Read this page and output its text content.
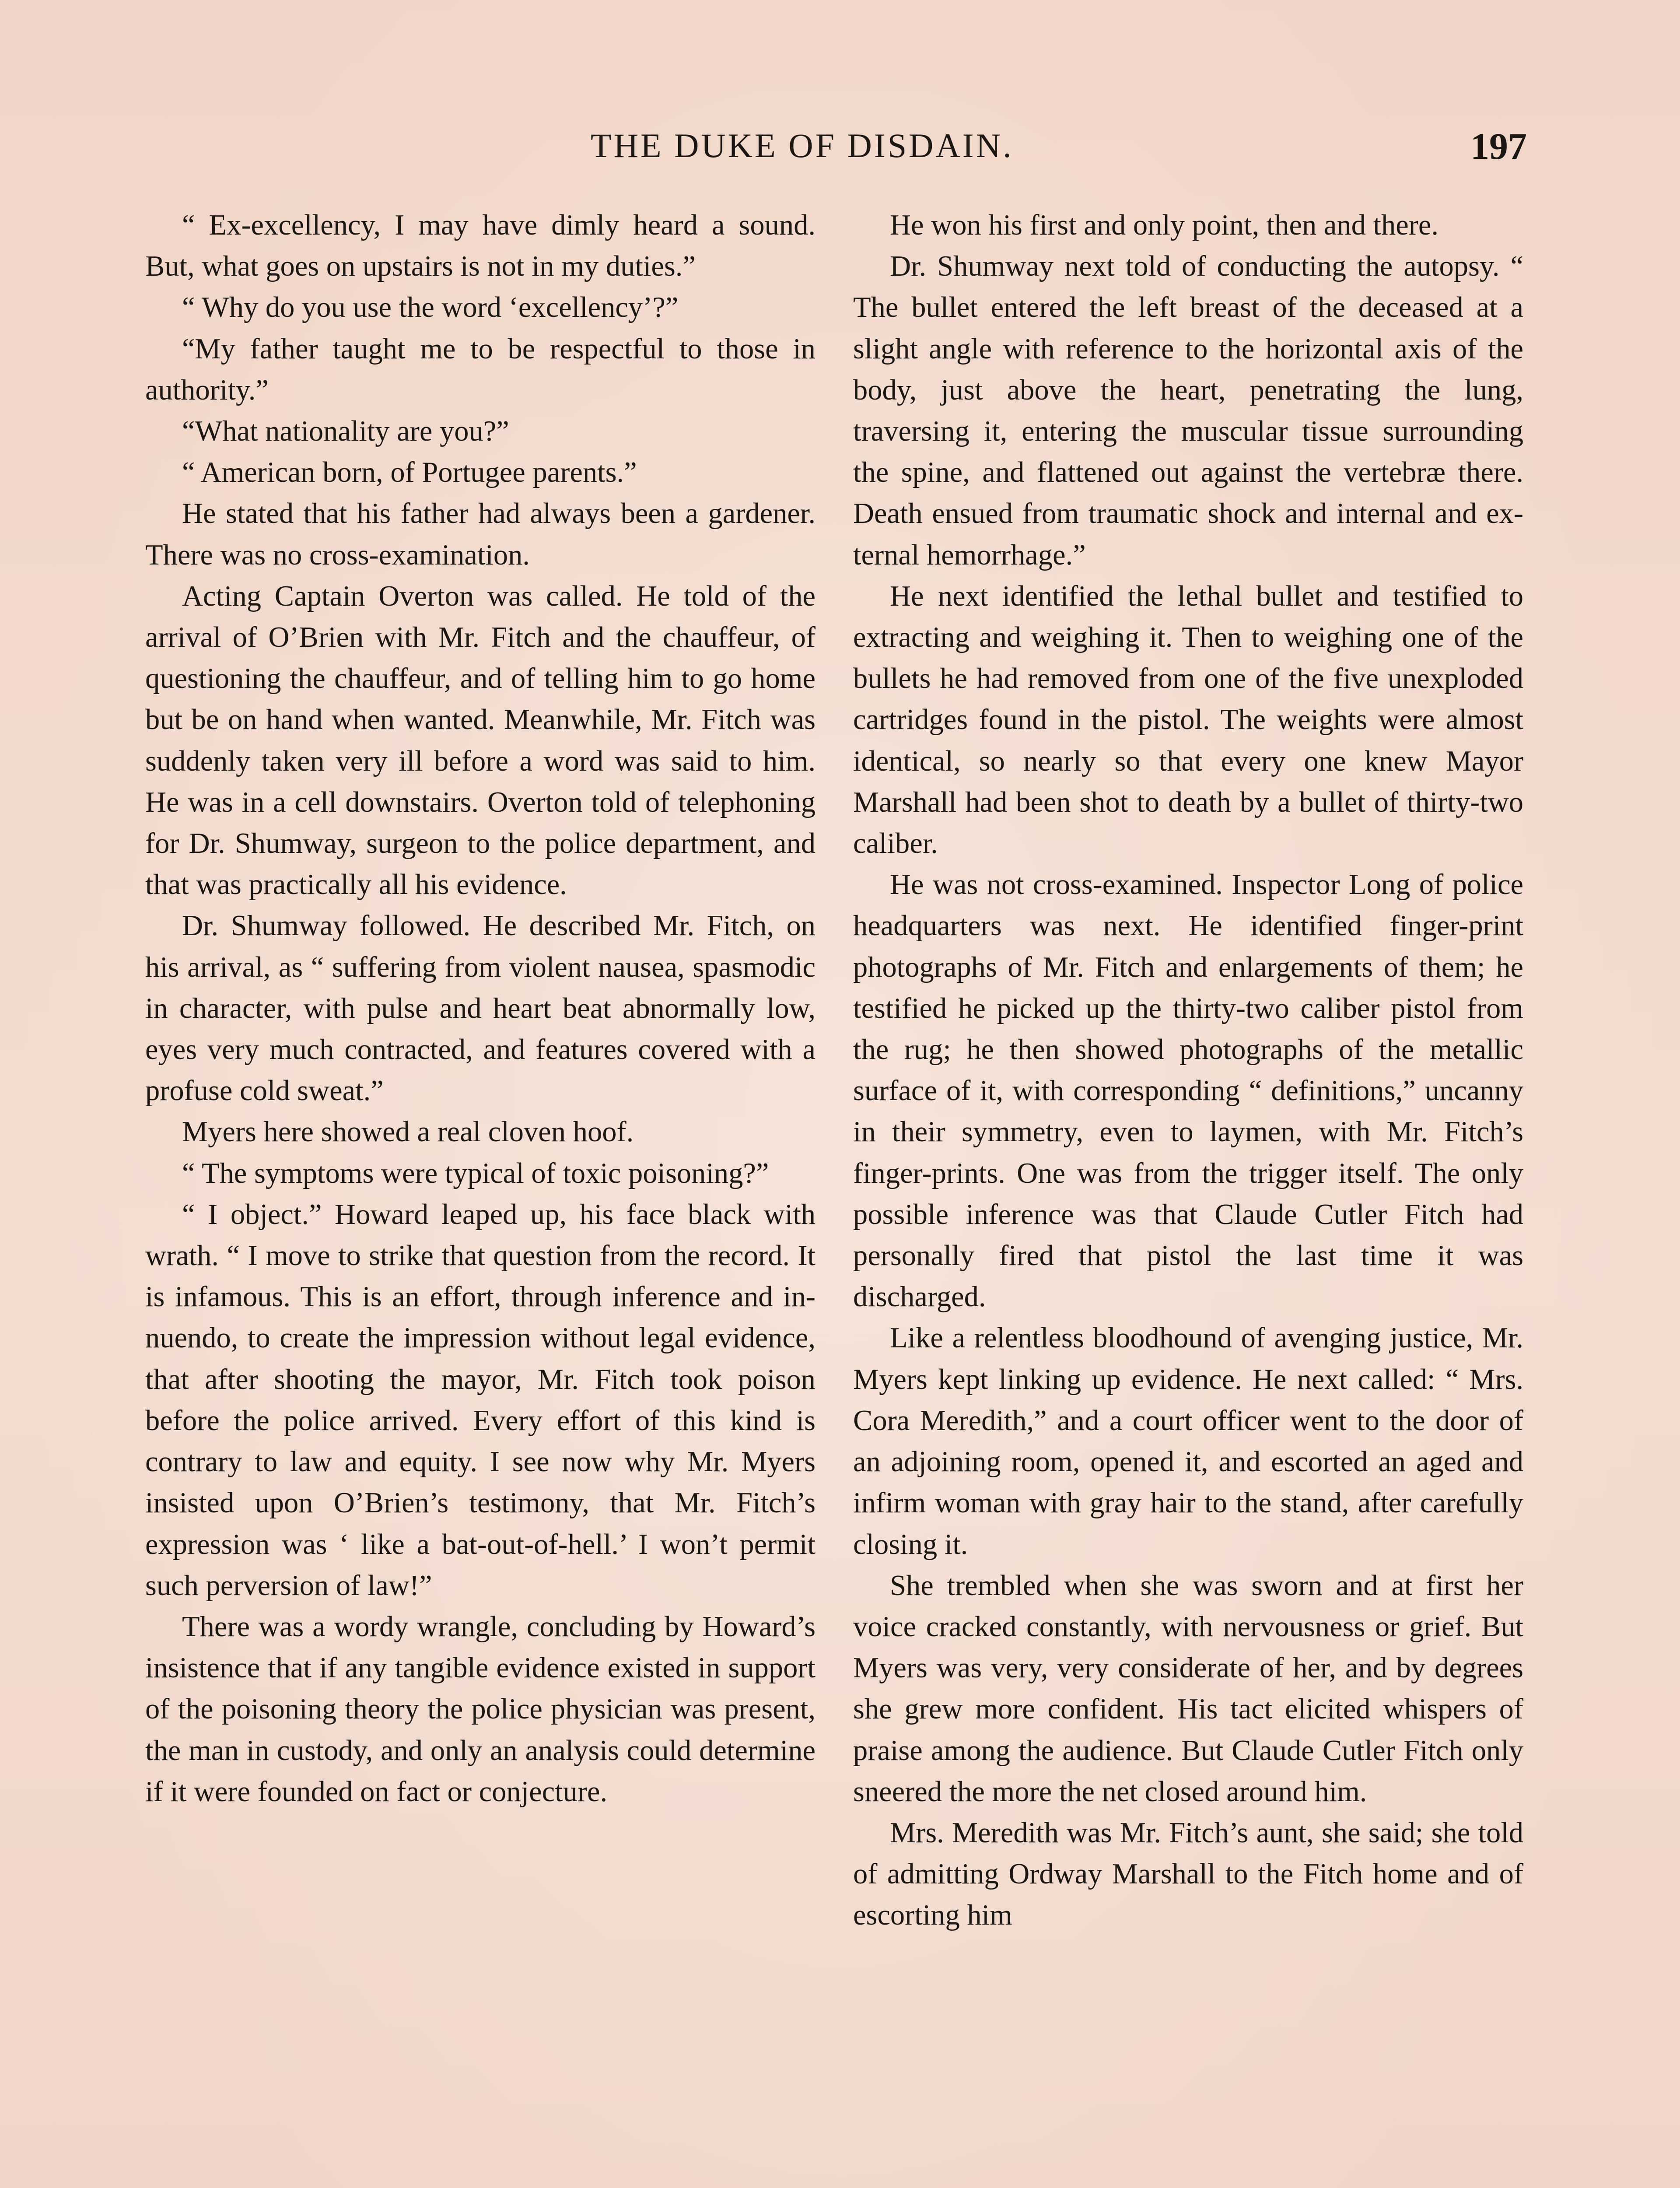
THE DUKE OF DISDAIN.	197

“ Ex-excellency, I may have dimly heard a sound. But, what goes on upstairs is not in my duties.”

“ Why do you use the word ‘excellency’?”

“My father taught me to be respectful to those in authority.”

“What nationality are you?”

“ American born, of Portugee parents.”

He stated that his father had always been a gardener. There was no cross-examination.

Acting Captain Overton was called. He told of the arrival of O’Brien with Mr. Fitch and the chauffeur, of questioning the chauffeur, and of telling him to go home but be on hand when wanted. Meanwhile, Mr. Fitch was suddenly taken very ill before a word was said to him. He was in a cell downstairs. Overton told of telephoning for Dr. Shumway, surgeon to the police department, and that was practically all his evidence.

Dr. Shumway followed. He described Mr. Fitch, on his arrival, as “ suffering from violent nausea, spasmodic in character, with pulse and heart beat abnormally low, eyes very much contracted, and features covered with a profuse cold sweat.”

Myers here showed a real cloven hoof.

“ The symptoms were typical of toxic poisoning?”

“ I object.” Howard leaped up, his face black with wrath. “ I move to strike that question from the record. It is infamous. This is an effort, through inference and innuendo, to create the impression without legal evidence, that after shooting the mayor, Mr. Fitch took poison before the police arrived. Every effort of this kind is contrary to law and equity. I see now why Mr. Myers insisted upon O’Brien’s testimony, that Mr. Fitch’s expression was ‘ like a bat-out-of-hell.’ I won’t permit such perversion of law!”

There was a wordy wrangle, concluding by Howard’s insistence that if any tangible evidence existed in support of the poisoning theory the police physician was present, the man in custody, and only an analysis could determine if it were founded on fact or conjecture.

He won his first and only point, then and there.

Dr. Shumway next told of conducting the autopsy. “ The bullet entered the left breast of the deceased at a slight angle with reference to the horizontal axis of the body, just above the heart, penetrating the lung, traversing it, entering the muscular tissue surrounding the spine, and flattened out against the vertebræ there. Death ensued from traumatic shock and internal and external hemorrhage.”

He next identified the lethal bullet and testified to extracting and weighing it. Then to weighing one of the bullets he had removed from one of the five unexploded cartridges found in the pistol. The weights were almost identical, so nearly so that every one knew Mayor Marshall had been shot to death by a bullet of thirty-two caliber.

He was not cross-examined. Inspector Long of police headquarters was next. He identified finger-print photographs of Mr. Fitch and enlargements of them; he testified he picked up the thirty-two caliber pistol from the rug; he then showed photographs of the metallic surface of it, with corresponding “ definitions,” uncanny in their symmetry, even to laymen, with Mr. Fitch’s finger-prints. One was from the trigger itself. The only possible inference was that Claude Cutler Fitch had personally fired that pistol the last time it was discharged.

Like a relentless bloodhound of avenging justice, Mr. Myers kept linking up evidence. He next called: “ Mrs. Cora Meredith,” and a court officer went to the door of an adjoining room, opened it, and escorted an aged and infirm woman with gray hair to the stand, after carefully closing it.

She trembled when she was sworn and at first her voice cracked constantly, with nervousness or grief. But Myers was very, very considerate of her, and by degrees she grew more confident. His tact elicited whispers of praise among the audience. But Claude Cutler Fitch only sneered the more the net closed around him.

Mrs. Meredith was Mr. Fitch’s aunt, she said; she told of admitting Ordway Marshall to the Fitch home and of escorting him
